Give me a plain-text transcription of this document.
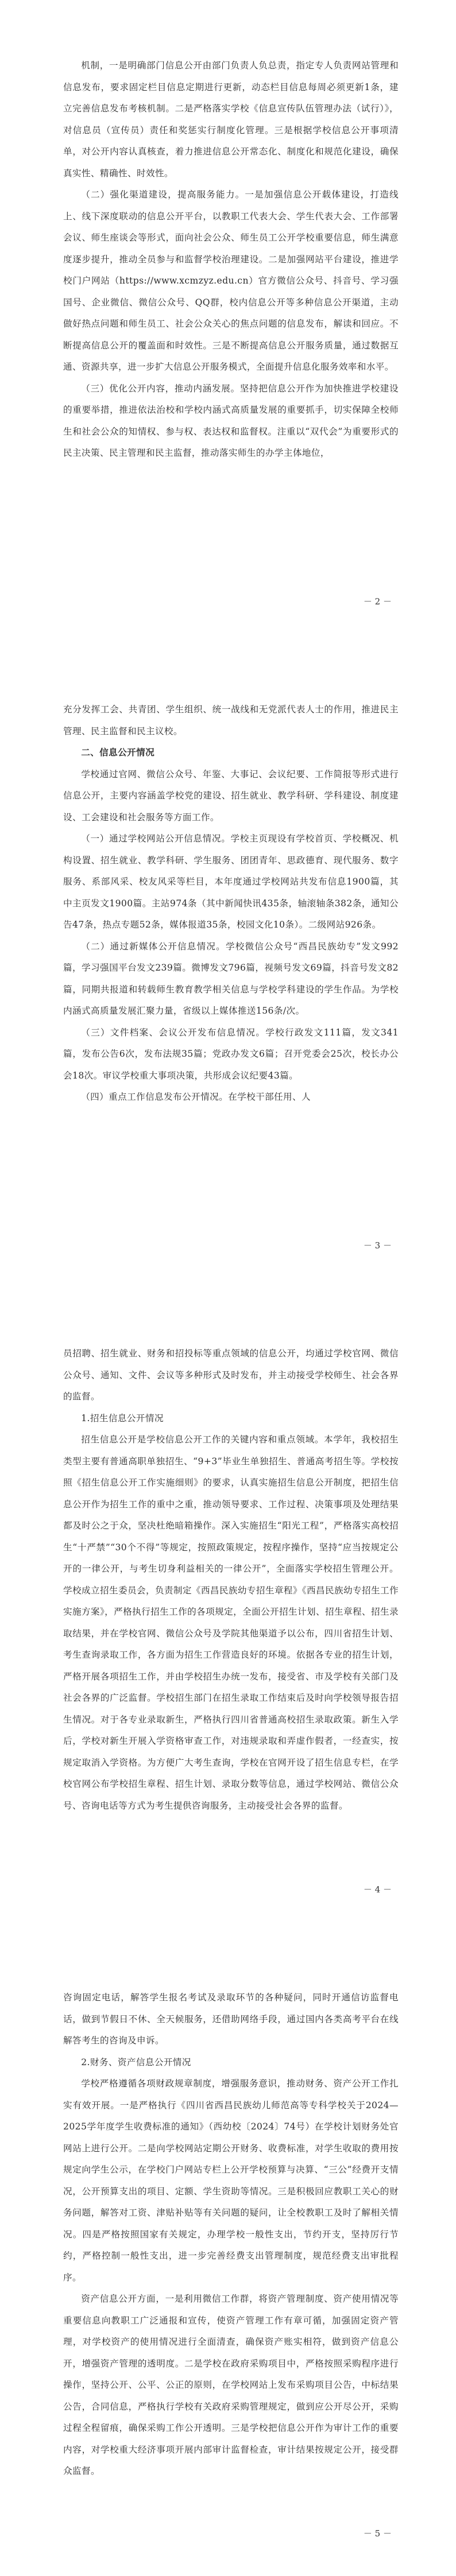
机制，一是明确部门信息公开由部门负责人负总责，指定专人负责网站管理和信息发布，要求固定栏目信息定期进行更新，动态栏目信息每周必须更新1条，建立完善信息发布考核机制。二是严格落实学校《信息宣传队伍管理办法（试行）》，对信息员（宣传员）责任和奖惩实行制度化管理。三是根据学校信息公开事项清单，对公开内容认真核查，着力推进信息公开常态化、制度化和规范化建设，确保真实性、精确性、时效性。

（二）强化渠道建设，提高服务能力。一是加强信息公开载体建设，打造线上、线下深度联动的信息公开平台，以教职工代表大会、学生代表大会、工作部署会议、师生座谈会等形式，面向社会公众、师生员工公开学校重要信息，师生满意度逐步提升，推动全员参与和监督学校治理建设。二是加强网站平台建设，推进学校门户网站（https://www.xcmzyz.edu.cn）官方微信公众号、抖音号、学习强国号、企业微信、微信公众号、QQ群，校内信息公开等多种信息公开渠道，主动做好热点问题和师生员工、社会公众关心的焦点问题的信息发布，解读和回应。不断提高信息公开的覆盖面和时效性。三是不断提高信息公开服务质量，通过数据互通、资源共享，进一步扩大信息公开服务模式，全面提升信息化服务效率和水平。

（三）优化公开内容，推动内涵发展。坚持把信息公开作为加快推进学校建设的重要举措，推进依法治校和学校内涵式高质量发展的重要抓手，切实保障全校师生和社会公众的知情权、参与权、表达权和监督权。注重以“双代会”为重要形式的民主决策、民主管理和民主监督，推动落实师生的办学主体地位，

－ 2 －

充分发挥工会、共青团、学生组织、统一战线和无党派代表人士的作用，推进民主管理、民主监督和民主议校。

二、信息公开情况

学校通过官网、微信公众号、年鉴、大事记、会议纪要、工作简报等形式进行信息公开，主要内容涵盖学校党的建设、招生就业、教学科研、学科建设、制度建设、工会建设和社会服务等方面工作。

（一）通过学校网站公开信息情况。学校主页现设有学校首页、学校概况、机构设置、招生就业、教学科研、学生服务、团团青年、思政德育、现代服务、数字服务、系部风采、校友风采等栏目，本年度通过学校网站共发布信息1900篇，其中主页发文1900篇。主站974条（其中新闻快讯435条，轴滚轴条382条，通知公告47条，热点专题52条，媒体报道35条，校园文化10条）。二级网站926条。

（二）通过新媒体公开信息情况。学校微信公众号“西昌民族幼专”发文992篇，学习强国平台发文239篇。微博发文796篇，视频号发文69篇，抖音号发文82篇，同期共报道和转载师生教育教学相关信息与学校学科建设的学生作品。为学校内涵式高质量发展汇聚力量，省级以上媒体推送156条/次。

（三）文件档案、会议公开发布信息情况。学校行政发文111篇，发文341篇，发布公告6次，发布法规35篇；党政办发文6篇；召开党委会25次，校长办公会18次。审议学校重大事项决策，共形成会议纪要43篇。

（四）重点工作信息发布公开情况。在学校干部任用、人

－ 3 －

员招聘、招生就业、财务和招投标等重点领域的信息公开，均通过学校官网、微信公众号、通知、文件、会议等多种形式及时发布，并主动接受学校师生、社会各界的监督。

1.招生信息公开情况

招生信息公开是学校信息公开工作的关键内容和重点领域。本学年，我校招生类型主要有普通高职单独招生、“9+3”毕业生单独招生、普通高考招生等。学校按照《招生信息公开工作实施细则》的要求，认真实施招生信息公开制度，把招生信息公开作为招生工作的重中之重，推动领导要求、工作过程、决策事项及处理结果都及时公之于众，坚决杜绝暗箱操作。深入实施招生“阳光工程”，严格落实高校招生“十严禁”“30个不得”等规定，按照政策规定，按程序操作，坚持“应当按规定公开的一律公开，与考生切身利益相关的一律公开”，全面落实学校招生管理公开。学校成立招生委员会，负责制定《西昌民族幼专招生章程》《西昌民族幼专招生工作实施方案》，严格执行招生工作的各项规定，全面公开招生计划、招生章程、招生录取结果，并在学校官网、微信公众号及学院其他渠道予以公布，四川省招生计划、考生查询录取工作，各方面为招生工作营造良好的环境。依据各专业的招生计划，严格开展各项招生工作，并由学校招生办统一发布，接受省、市及学校有关部门及社会各界的广泛监督。学校招生部门在招生录取工作结束后及时向学校领导报告招生情况。对于各专业录取新生，严格执行四川省普通高校招生录取政策。新生入学后，学校对新生开展入学资格审查工作，对违规录取和弄虚作假者，一经查实，按规定取消入学资格。为方便广大考生查询，学校在官网开设了招生信息专栏，在学校官网公布学校招生章程、招生计划、录取分数等信息，通过学校网站、微信公众号、咨询电话等方式为考生提供咨询服务，主动接受社会各界的监督。

－ 4 －

咨询固定电话，解答学生报名考试及录取环节的各种疑问，同时开通信访监督电话，做到节假日不休、全天候服务，还借助网络手段，通过国内各类高考平台在线解答考生的咨询及申诉。

2.财务、资产信息公开情况

学校严格遵循各项财政规章制度，增强服务意识，推动财务、资产公开工作扎实有效开展。一是严格执行《四川省西昌民族幼儿师范高等专科学校关于2024—2025学年度学生收费标准的通知》（西幼校〔2024〕74号）在学校计划财务处官网站上进行公开。二是向学校网站定期公开财务、收费标准，对学生收取的费用按规定向学生公示，在学校门户网站专栏上公开学校预算与决算、“三公”经费开支情况，公开预算支出的项目、定额、学生资助等情况。三是积极回应教职工关心的财务问题，解答对工资、津贴补贴等有关问题的疑问，让全校教职工及时了解相关情况。四是严格按照国家有关规定，办理学校一般性支出，节约开支，坚持厉行节约，严格控制一般性支出，进一步完善经费支出管理制度，规范经费支出审批程序。

资产信息公开方面，一是利用微信工作群，将资产管理制度、资产使用情况等重要信息向教职工广泛通报和宣传，使资产管理工作有章可循，加强固定资产管理，对学校资产的使用情况进行全面清查，确保资产账实相符，做到资产信息公开，增强资产管理的透明度。二是学校在政府采购项目中，严格按照采购程序进行操作，坚持公开、公平、公正的原则，在学校网站上发布采购项目公告，中标结果公告，合同信息，严格执行学校有关政府采购管理规定，做到应公开尽公开，采购过程全程留痕，确保采购工作公开透明。三是学校把信息公开作为审计工作的重要内容，对学校重大经济事项开展内部审计监督检查，审计结果按规定公开，接受群众监督。

－ 5 －
